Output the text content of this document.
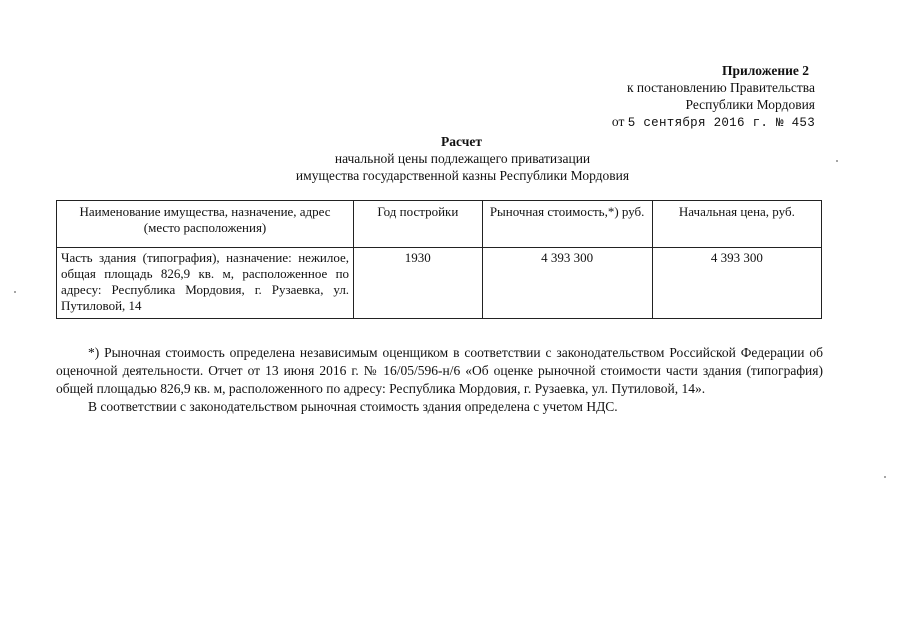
Приложение 2
к постановлению Правительства
Республики Мордовия
от 5 сентября 2016 г. № 453
Расчет
начальной цены подлежащего приватизации
имущества государственной казны Республики Мордовия
Наименование имущества, назначение, адрес (место расположения)	Год постройки	Рыночная стоимость,*) руб.	Начальная цена, руб.
Часть здания (типография), назначение: нежилое, общая площадь 826,9 кв. м, расположенное по адресу: Республика Мордовия, г. Рузаевка, ул. Путиловой, 14	1930	4 393 300	4 393 300

*) Рыночная стоимость определена независимым оценщиком в соответствии с законодательством Российской Федерации об оценочной деятельности. Отчет от 13 июня 2016 г. № 16/05/596-н/6 «Об оценке рыночной стоимости части здания (типография) общей площадью 826,9 кв. м, расположенного по адресу: Республика Мордовия, г. Рузаевка, ул. Путиловой, 14».

В соответствии с законодательством рыночная стоимость здания определена с учетом НДС.
